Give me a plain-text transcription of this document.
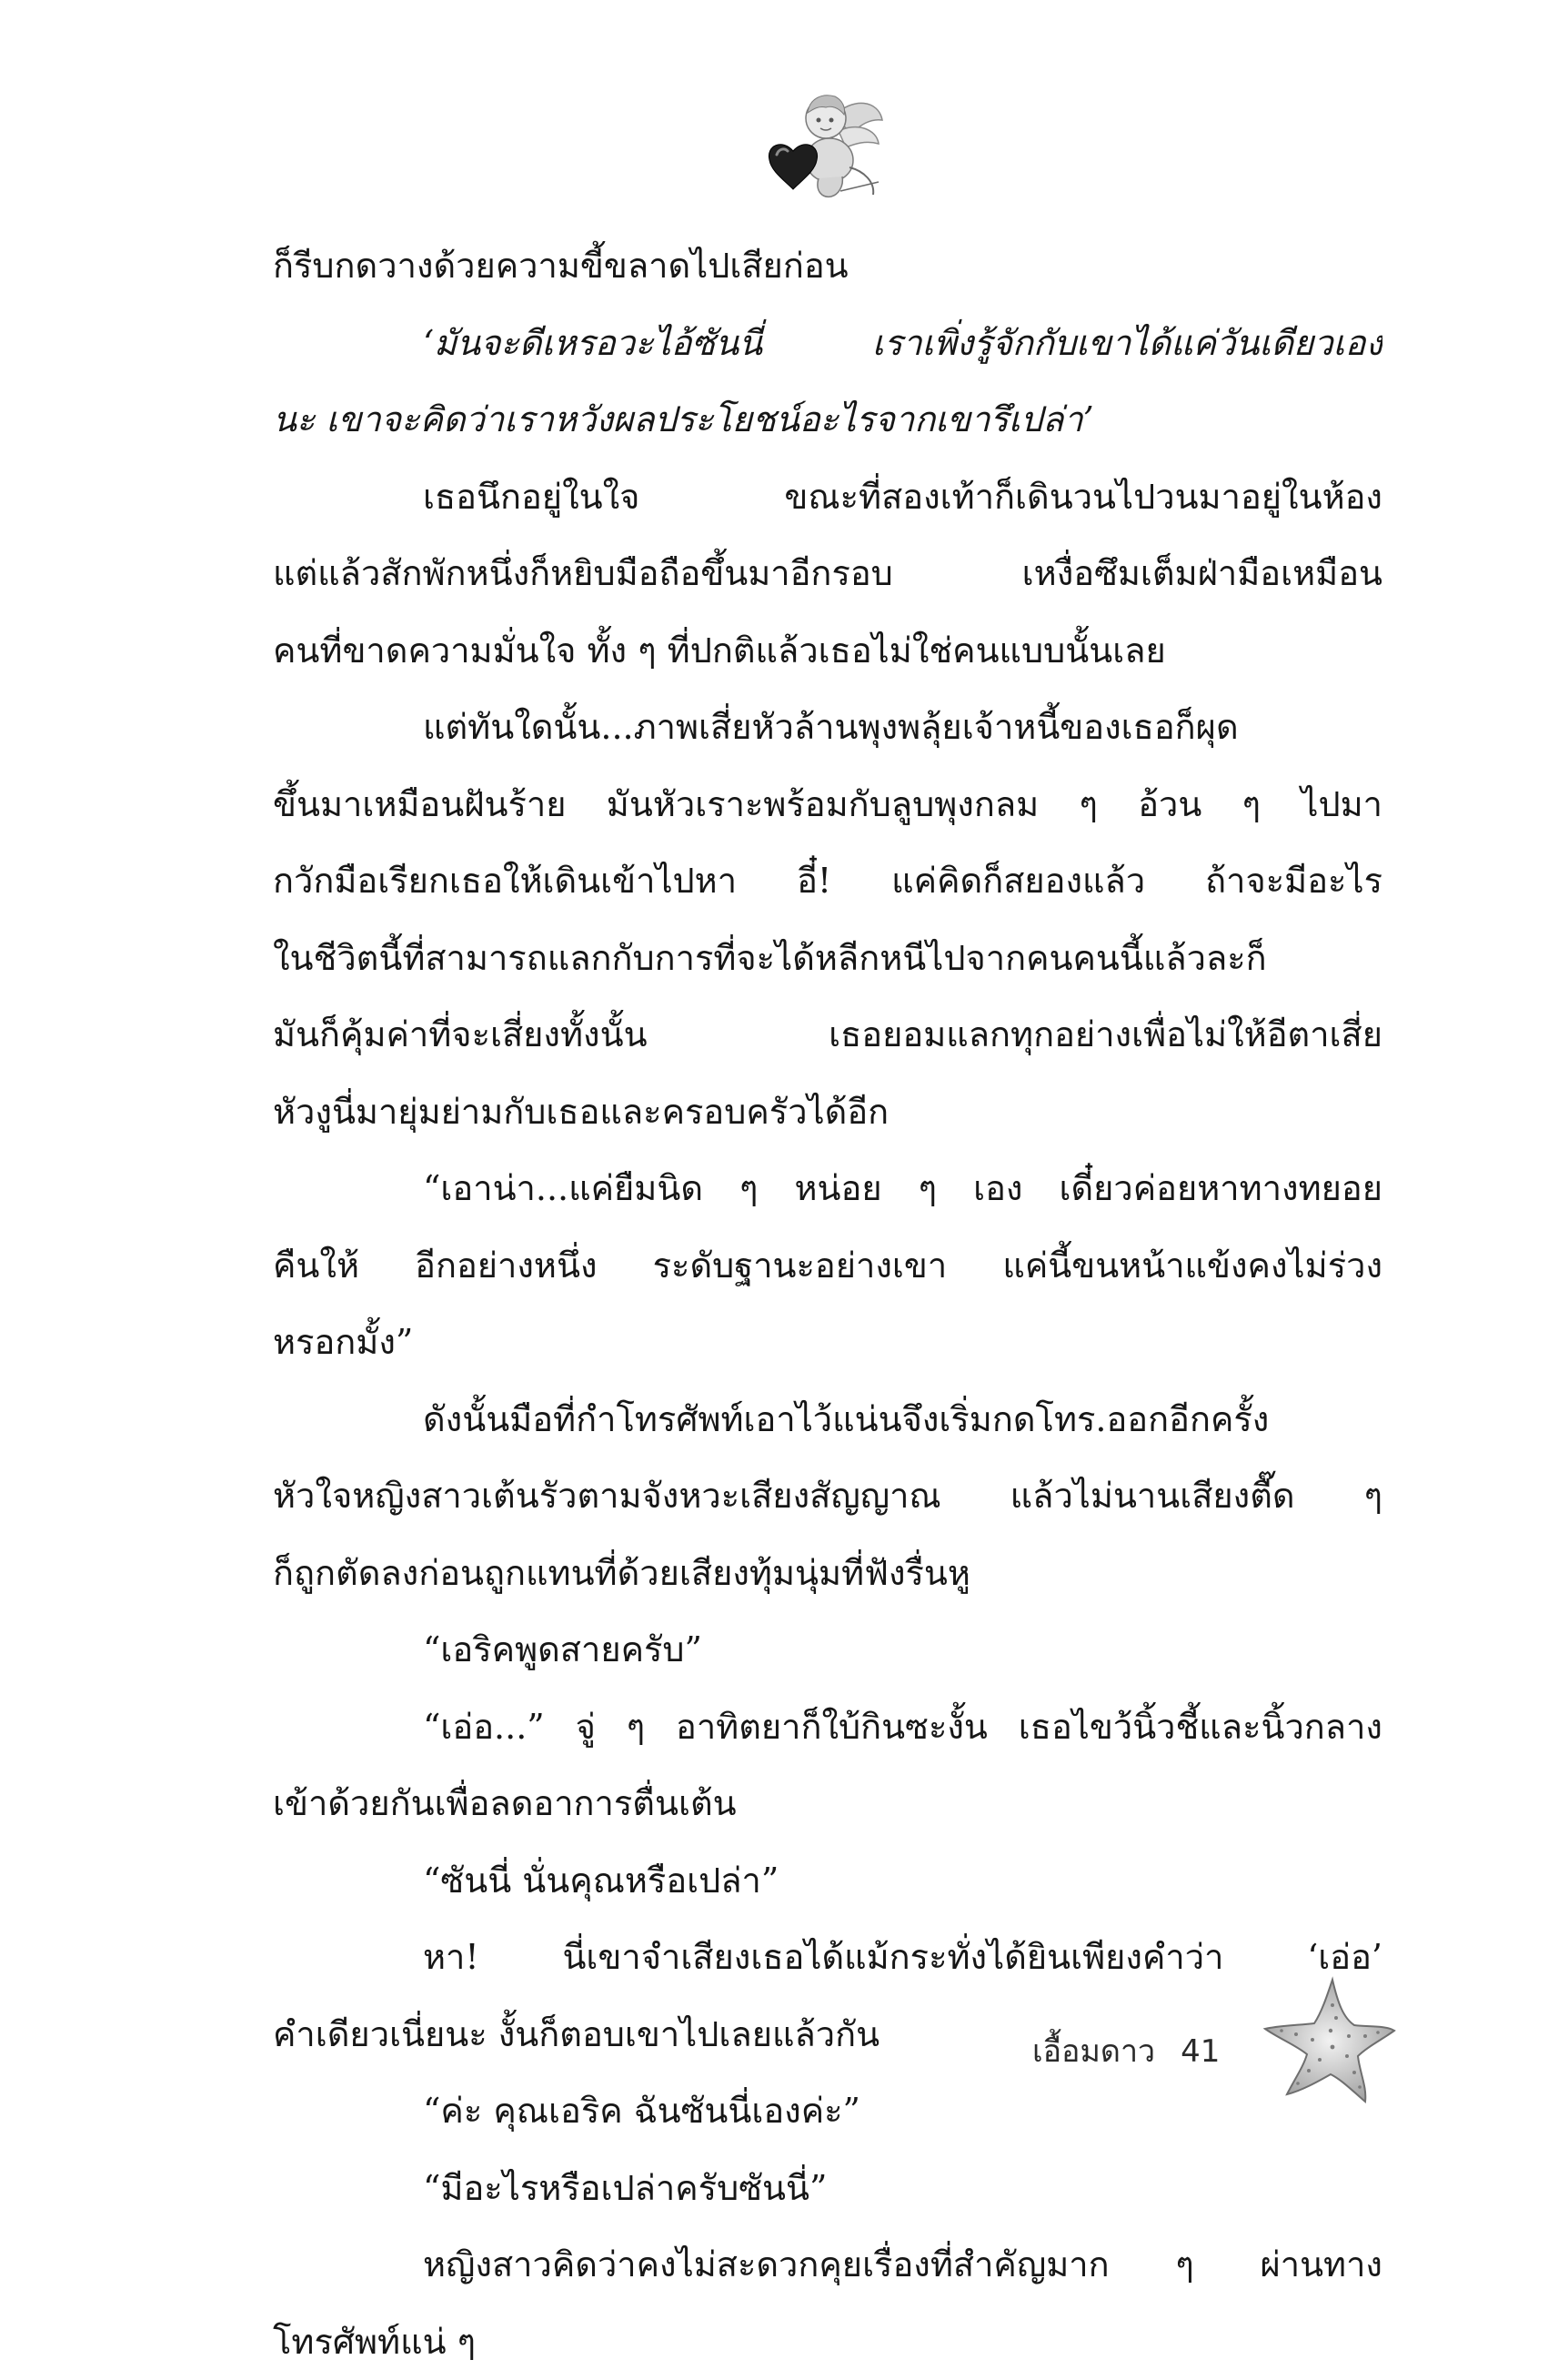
ก็รีบกดวางด้วยความขี้ขลาดไปเสียก่อน
‘มันจะดีเหรอวะไอ้ซันนี่ เราเพิ่งรู้จักกับเขาได้แค่วันเดียวเอง
นะ เขาจะคิดว่าเราหวังผลประโยชน์อะไรจากเขารึเปล่า’
เธอนึกอยู่ในใจ ขณะที่สองเท้าก็เดินวนไปวนมาอยู่ในห้อง
แต่แล้วสักพักหนึ่งก็หยิบมือถือขึ้นมาอีกรอบ เหงื่อซึมเต็มฝ่ามือเหมือน
คนที่ขาดความมั่นใจ ทั้ง ๆ ที่ปกติแล้วเธอไม่ใช่คนแบบนั้นเลย
แต่ทันใดนั้น...ภาพเสี่ยหัวล้านพุงพลุ้ยเจ้าหนี้ของเธอก็ผุด
ขึ้นมาเหมือนฝันร้าย มันหัวเราะพร้อมกับลูบพุงกลม ๆ อ้วน ๆ ไปมา
กวักมือเรียกเธอให้เดินเข้าไปหา อี๋! แค่คิดก็สยองแล้ว ถ้าจะมีอะไร
ในชีวิตนี้ที่สามารถแลกกับการที่จะได้หลีกหนีไปจากคนคนนี้แล้วละก็
มันก็คุ้มค่าที่จะเสี่ยงทั้งนั้น เธอยอมแลกทุกอย่างเพื่อไม่ให้อีตาเสี่ย
หัวงูนี่มายุ่มย่ามกับเธอและครอบครัวได้อีก
“เอาน่า...แค่ยืมนิด ๆ หน่อย ๆ เอง เดี๋ยวค่อยหาทางทยอย
คืนให้ อีกอย่างหนึ่ง ระดับฐานะอย่างเขา แค่นี้ขนหน้าแข้งคงไม่ร่วง
หรอกมั้ง”
ดังนั้นมือที่กำโทรศัพท์เอาไว้แน่นจึงเริ่มกดโทร.ออกอีกครั้ง
หัวใจหญิงสาวเต้นรัวตามจังหวะเสียงสัญญาณ แล้วไม่นานเสียงตื๊ด ๆ
ก็ถูกตัดลงก่อนถูกแทนที่ด้วยเสียงทุ้มนุ่มที่ฟังรื่นหู
“เอริคพูดสายครับ”
“เอ่อ...” จู่ ๆ อาทิตยาก็ใบ้กินซะงั้น เธอไขว้นิ้วชี้และนิ้วกลาง
เข้าด้วยกันเพื่อลดอาการตื่นเต้น
“ซันนี่ นั่นคุณหรือเปล่า”
หา! นี่เขาจำเสียงเธอได้แม้กระทั่งได้ยินเพียงคำว่า ‘เอ่อ’
คำเดียวเนี่ยนะ งั้นก็ตอบเขาไปเลยแล้วกัน
“ค่ะ คุณเอริค ฉันซันนี่เองค่ะ”
“มีอะไรหรือเปล่าครับซันนี่”
หญิงสาวคิดว่าคงไม่สะดวกคุยเรื่องที่สำคัญมาก ๆ ผ่านทาง
โทรศัพท์แน่ ๆ
เอื้อมดาว 41
